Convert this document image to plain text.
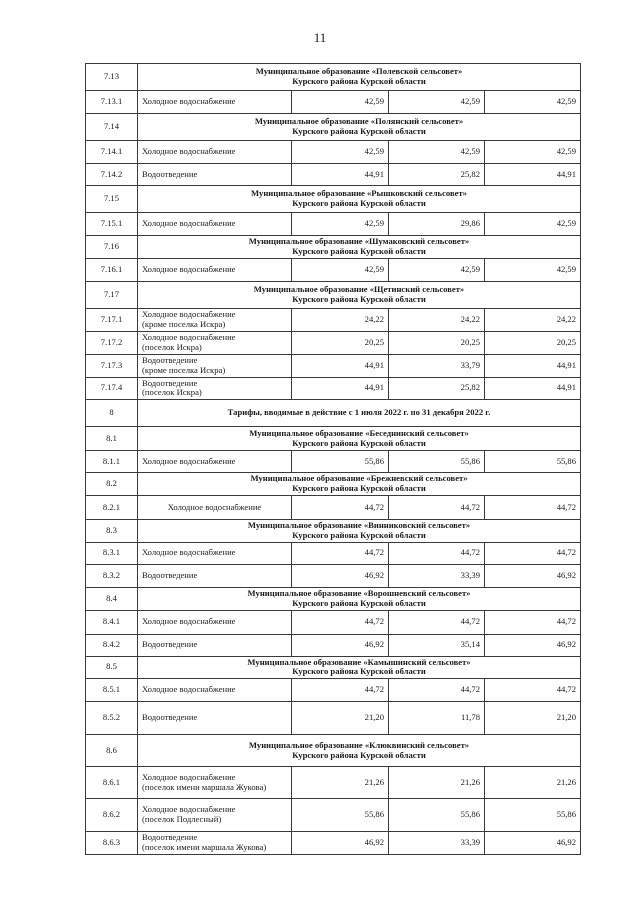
11
7.13	Муниципальное образование «Полевской сельсовет»
Курского района Курской области			

7.13.1	Холодное водоснабжение	42,59	42,59	42,59
7.14	Муниципальное образование «Полянский сельсовет»
Курского района Курской области			

7.14.1	Холодное водоснабжение	42,59	42,59	42,59
7.14.2	Водоотведение	44,91	25,82	44,91
7.15	Муниципальное образование «Рышковский сельсовет»
Курского района Курской области			

7.15.1	Холодное водоснабжение	42,59	29,86	42,59
7.16	Муниципальное образование «Шумаковский сельсовет»
Курского района Курской области			

7.16.1	Холодное водоснабжение	42,59	42,59	42,59
7.17	Муниципальное образование «Щетинский сельсовет»
Курского района Курской области			

7.17.1	Холодное водоснабжение
(кроме поселка Искра)	24,22	24,22	24,22
7.17.2	Холодное водоснабжение
(поселок Искра)	20,25	20,25	20,25
7.17.3	Водоотведение
(кроме поселка Искра)	44,91	33,79	44,91
7.17.4	Водоотведение
(поселок Искра)	44,91	25,82	44,91
8	Тарифы, вводимые в действие с 1 июля 2022 г. по 31 декабря 2022 г.			

8.1	Муниципальное образование «Беседнинский сельсовет»
Курского района Курской области			

8.1.1	Холодное водоснабжение	55,86	55,86	55,86
8.2	Муниципальное образование «Брежневский сельсовет»
Курского района Курской области			

8.2.1	Холодное водоснабжение	44,72	44,72	44,72
8.3	Муниципальное образование «Винниковский сельсовет»
Курского района Курской области			

8.3.1	Холодное водоснабжение	44,72	44,72	44,72
8.3.2	Водоотведение	46,92	33,39	46,92
8.4	Муниципальное образование «Ворошневский сельсовет»
Курского района Курской области			

8.4.1	Холодное водоснабжение	44,72	44,72	44,72
8.4.2	Водоотведение	46,92	35,14	46,92
8.5	Муниципальное образование «Камышинский сельсовет»
Курского района Курской области			

8.5.1	Холодное водоснабжение	44,72	44,72	44,72
8.5.2	Водоотведение	21,20	11,78	21,20
8.6	Муниципальное образование «Клюквинский сельсовет»
Курского района Курской области			

8.6.1	Холодное водоснабжение
(поселок имени маршала Жукова)	21,26	21,26	21,26
8.6.2	Холодное водоснабжение
(поселок Подлесный)	55,86	55,86	55,86
8.6.3	Водоотведение
(поселок имени маршала Жукова)	46,92	33,39	46,92
